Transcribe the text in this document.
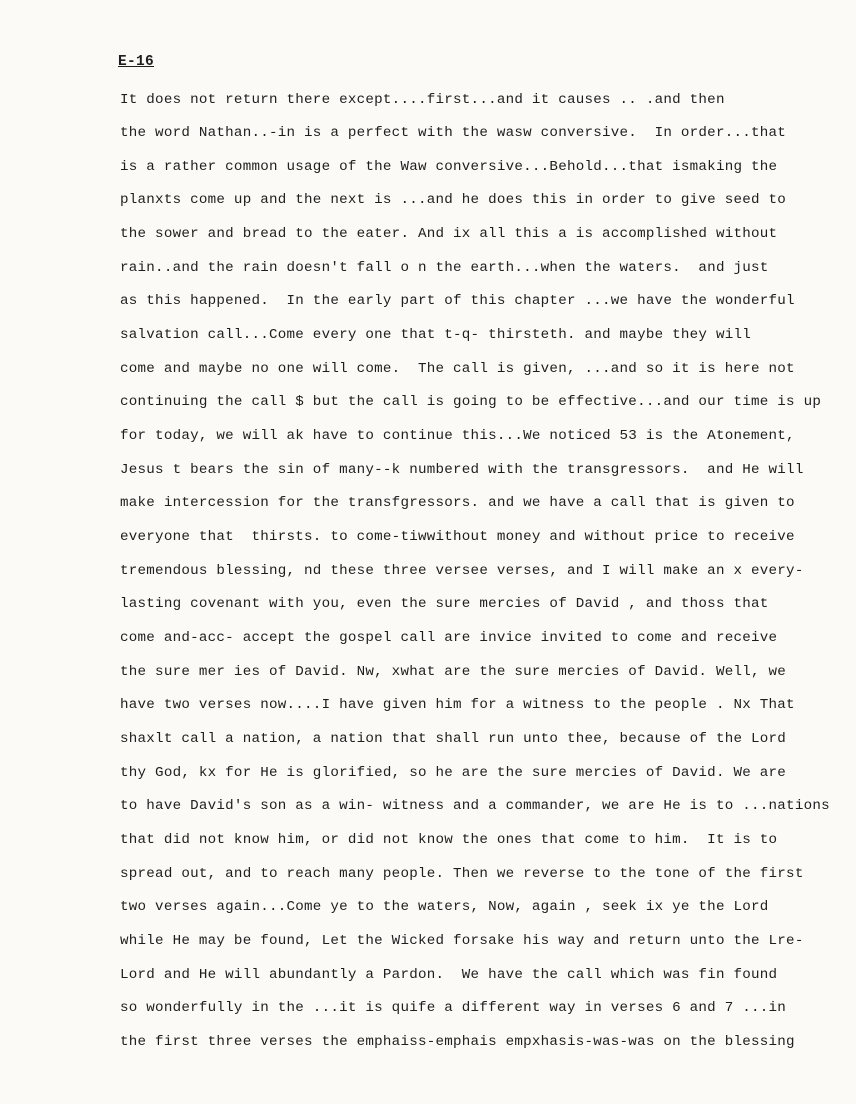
E-16
It does not return there except....first...and it causes .. .and then
the word Nathan..-in is a perfect with the wasw conversive.  In order...that
is a rather common usage of the Waw conversive...Behold...that ismaking the
planxts come up and the next is ...and he does this in order to give seed to
the sower and bread to the eater. And ix all this a is accomplished without
rain..and the rain doesn't fall o n the earth...when the waters.  and just
as this happened.  In the early part of this chapter ...we have the wonderful
salvation call...Come every one that t-q- thirsteth. and maybe they will
come and maybe no one will come.  The call is given, ...and so it is here not
continuing the call $ but the call is going to be effective...and our time is up
for today, we will ak have to continue this...We noticed 53 is the Atonement,
Jesus t bears the sin of many--k numbered with the transgressors.  and He will
make intercession for the transfgressors. and we have a call that is given to
everyone that  thirsts. to come-tiwwithout money and without price to receive
tremendous blessing, nd these three versee verses, and I will make an x every-
lasting covenant with you, even the sure mercies of David , and thoss that
come and-acc- accept the gospel call are invice invited to come and receive
the sure mer ies of David. Nw, xwhat are the sure mercies of David. Well, we
have two verses now....I have given him for a witness to the people . Nx That
shaxlt call a nation, a nation that shall run unto thee, because of the Lord
thy God, kx for He is glorified, so he are the sure mercies of David. We are
to have David's son as a win- witness and a commander, we are He is to ...nations
that did not know him, or did not know the ones that come to him.  It is to
spread out, and to reach many people. Then we reverse to the tone of the first
two verses again...Come ye to the waters, Now, again , seek ix ye the Lord
while He may be found, Let the Wicked forsake his way and return unto the Lre-
Lord and He will abundantly a Pardon.  We have the call which was fin found
so wonderfully in the ...it is quife a different way in verses 6 and 7 ...in
the first three verses the emphaiss-emphais empxhasis-was-was on the blessing
